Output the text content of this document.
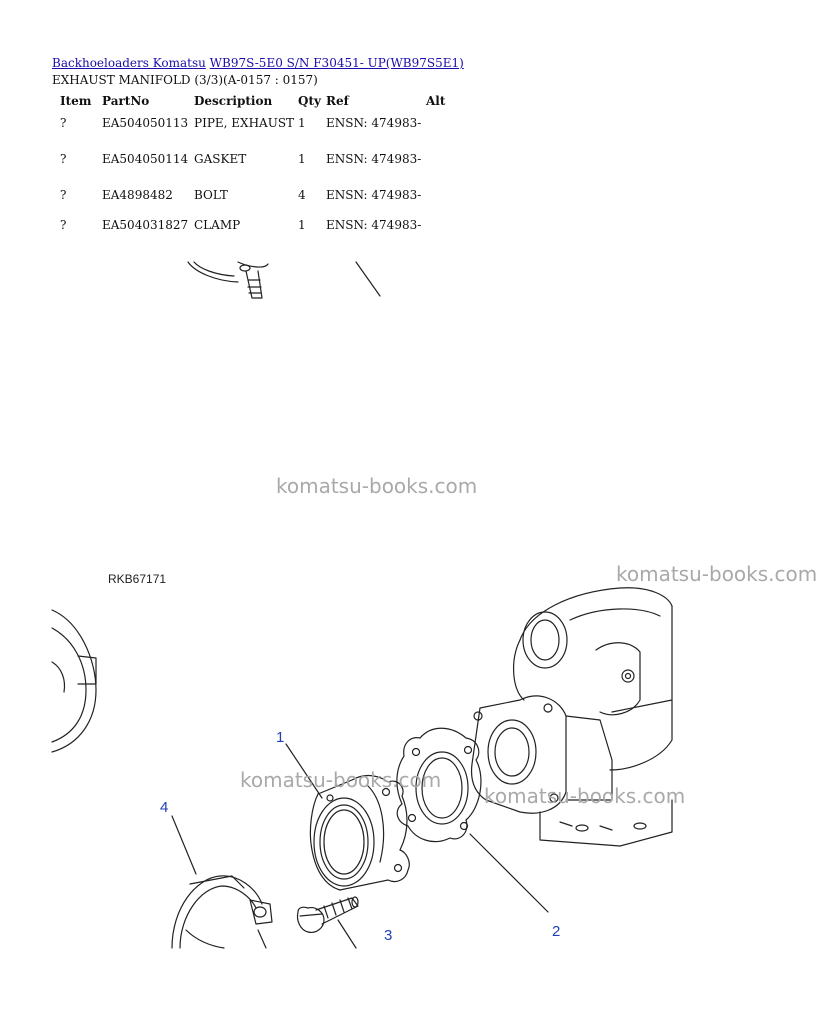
Backhoeloaders Komatsu WB97S-5E0 S/N F30451- UP(WB97S5E1)
EXHAUST MANIFOLD (3/3)(A-0157 : 0157)
Item	PartNo	Description	Qty	Ref	Alt
?	EA504050113	PIPE, EXHAUST	1	ENSN: 474983-	
?	EA504050114	GASKET	1	ENSN: 474983-	
?	EA4898482	BOLT	4	ENSN: 474983-	
?	EA504031827	CLAMP	1	ENSN: 474983-	
1
2
3
4
RKB67171
komatsu-books.com
komatsu-books.com
komatsu-books.com
komatsu-books.com
